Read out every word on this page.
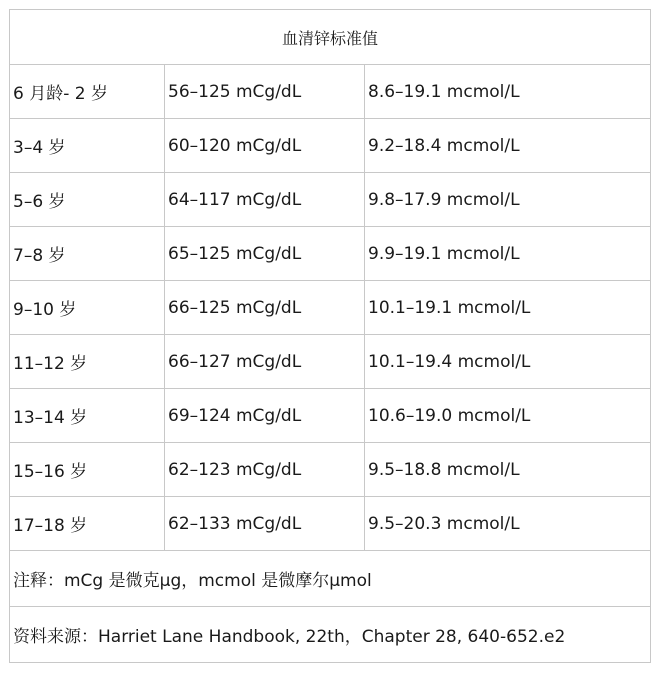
血清锌标准值		
6 月龄- 2 岁	56–125 mCg/dL	8.6–19.1 mcmol/L
3–4 岁	60–120 mCg/dL	9.2–18.4 mcmol/L
5–6 岁	64–117 mCg/dL	9.8–17.9 mcmol/L
7–8 岁	65–125 mCg/dL	9.9–19.1 mcmol/L
9–10 岁	66–125 mCg/dL	10.1–19.1 mcmol/L
11–12 岁	66–127 mCg/dL	10.1–19.4 mcmol/L
13–14 岁	69–124 mCg/dL	10.6–19.0 mcmol/L
15–16 岁	62–123 mCg/dL	9.5–18.8 mcmol/L
17–18 岁	62–133 mCg/dL	9.5–20.3 mcmol/L
注释：mCg 是微克μg，mcmol 是微摩尔μmol		
资料来源：Harriet Lane Handbook, 22th，Chapter 28, 640-652.e2		
